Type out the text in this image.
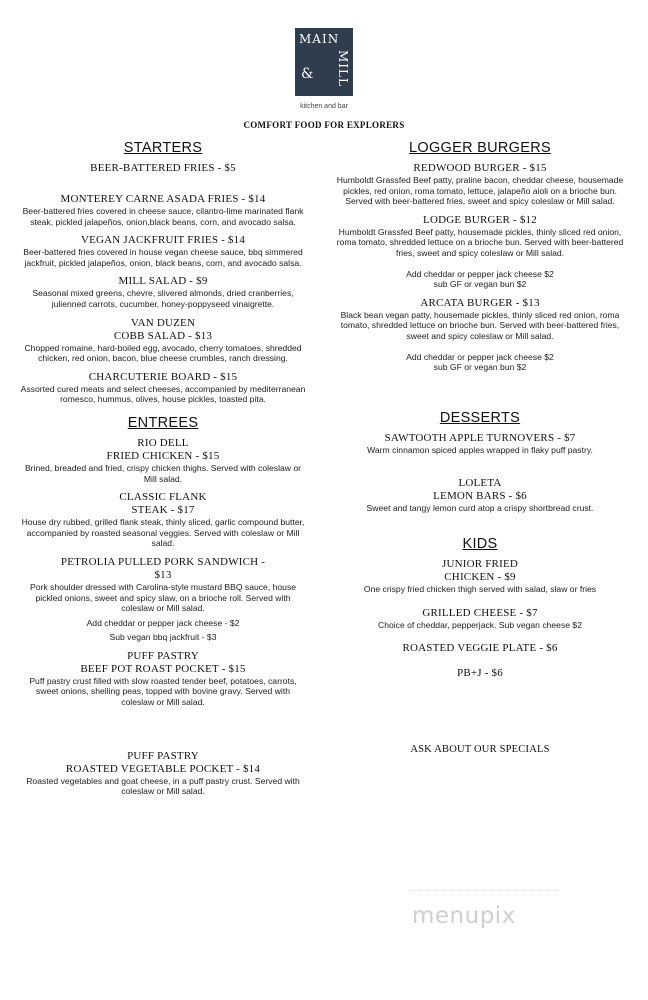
MAIN
& MILL
kitchen and bar
COMFORT FOOD FOR EXPLORERS
STARTERS
BEER-BATTERED FRIES - $5
MONTEREY CARNE ASADA FRIES - $14
Beer-battered fries covered in cheese sauce, cilantro-lime marinated flank steak, pickled jalapeños, onion,black beans, corn, and avocado salsa.
VEGAN JACKFRUIT FRIES - $14
Beer-battered fries covered in house vegan cheese sauce, bbq simmered jackfruit, pickled jalapeños, onion, black beans, corn, and avocado salsa.
MILL SALAD - $9
Seasonal mixed greens, chevre, slivered almonds, dried cranberries, julienned carrots, cucumber, honey-poppyseed vinaigrette.
VAN DUZEN
COBB SALAD - $13
Chopped romaine, hard-boiled egg, avocado, cherry tomatoes, shredded chicken, red onion, bacon, blue cheese crumbles, ranch dressing.
CHARCUTERIE BOARD - $15
Assorted cured meats and select cheeses, accompanied by mediterranean romesco, hummus, olives, house pickles, toasted pita.
ENTREES
RIO DELL
FRIED CHICKEN - $15
Brined, breaded and fried, crispy chicken thighs. Served with coleslaw or Mill salad.
CLASSIC FLANK
STEAK - $17
House dry rubbed, grilled flank steak, thinly sliced, garlic compound butter, accompanied by roasted seasonal veggies. Served with coleslaw or Mill salad.
PETROLIA PULLED PORK SANDWICH -
$13
Pork shoulder dressed with Carolina-style mustard BBQ sauce, house pickled onions, sweet and spicy slaw, on a brioche roll. Served with coleslaw or Mill salad.
Add cheddar or pepper jack cheese - $2
Sub vegan bbq jackfruit - $3
PUFF PASTRY
BEEF POT ROAST POCKET - $15
Puff pastry crust filled with slow roasted tender beef, potatoes, carrots, sweet onions, shelling peas, topped with bovine gravy. Served with coleslaw or Mill salad.
PUFF PASTRY
ROASTED VEGETABLE POCKET - $14
Roasted vegetables and goat cheese, in a puff pastry crust. Served with coleslaw or Mill salad.
LOGGER BURGERS
REDWOOD BURGER - $15
Humboldt Grassfed Beef patty, praline bacon, cheddar cheese, housemade pickles, red onion, roma tomato, lettuce, jalapeño aioli on a brioche bun. Served with beer-battered fries, sweet and spicy coleslaw or Mill salad.
LODGE BURGER - $12
Humboldt Grassfed Beef patty, housemade pickles, thinly sliced red onion, roma tomato, shredded lettuce on a brioche bun. Served with beer-battered fries, sweet and spicy coleslaw or Mill salad.
Add cheddar or pepper jack cheese $2
sub GF or vegan bun $2
ARCATA BURGER - $13
Black bean vegan patty, housemade pickles, thinly sliced red onion, roma tomato, shredded lettuce on brioche bun. Served with beer-battered fries, sweet and spicy coleslaw or Mill salad.
Add cheddar or pepper jack cheese $2
sub GF or vegan bun $2
DESSERTS
SAWTOOTH APPLE TURNOVERS - $7
Warm cinnamon spiced apples wrapped in flaky puff pastry.
LOLETA
LEMON BARS - $6
Sweet and tangy lemon curd atop a crispy shortbread crust.
KIDS
JUNIOR FRIED
CHICKEN - $9
One crispy fried chicken thigh served with salad, slaw or fries
GRILLED CHEESE - $7
Choice of cheddar, pepperjack. Sub vegan cheese $2
ROASTED VEGGIE PLATE - $6
PB+J - $6
ASK ABOUT OUR SPECIALS
menupix
